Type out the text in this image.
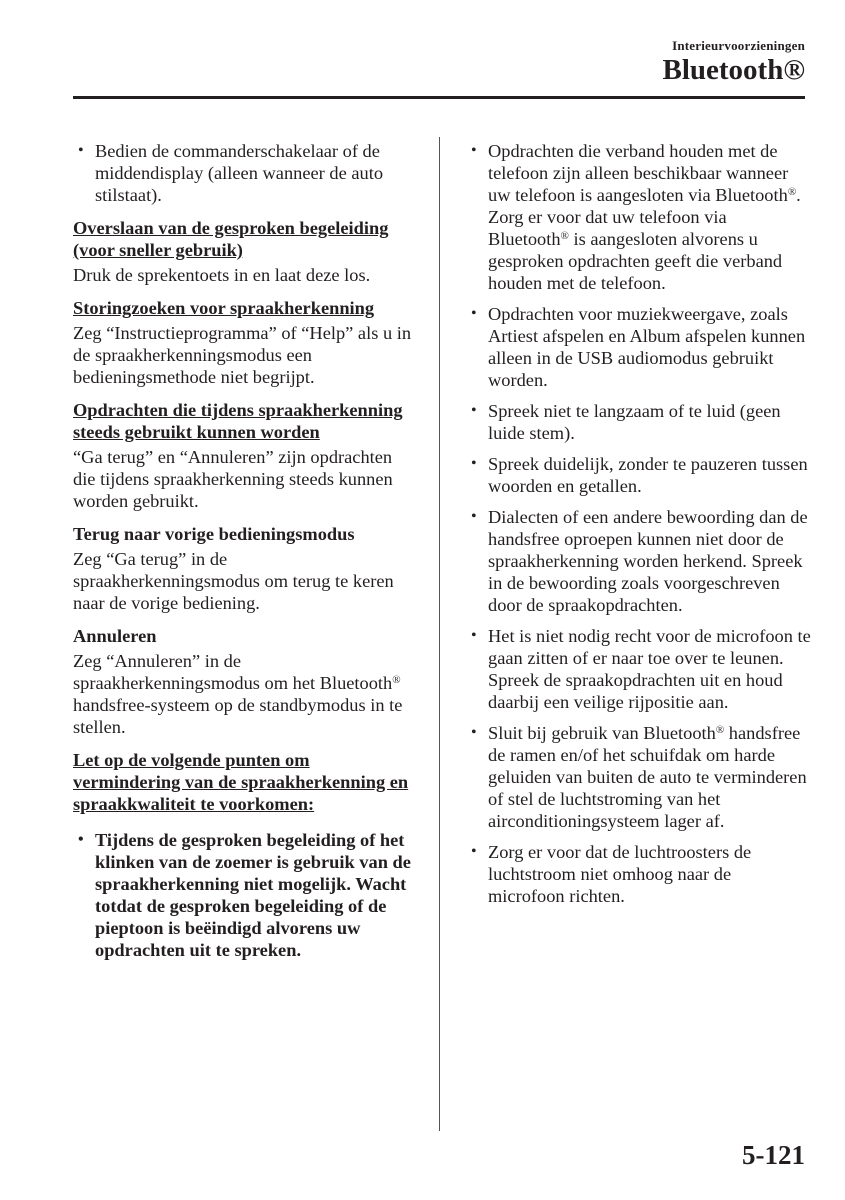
Interieurvoorzieningen
Bluetooth®
• Bedien de commanderschakelaar of de middendisplay (alleen wanneer de auto stilstaat).
Overslaan van de gesproken begeleiding (voor sneller gebruik)
Druk de sprekentoets in en laat deze los.
Storingzoeken voor spraakherkenning
Zeg “Instructieprogramma” of “Help” als u in de spraakherkenningsmodus een bedieningsmethode niet begrijpt.
Opdrachten die tijdens spraakherkenning steeds gebruikt kunnen worden
“Ga terug” en “Annuleren” zijn opdrachten die tijdens spraakherkenning steeds kunnen worden gebruikt.
Terug naar vorige bedieningsmodus
Zeg “Ga terug” in de spraakherkenningsmodus om terug te keren naar de vorige bediening.
Annuleren
Zeg “Annuleren” in de spraakherkenningsmodus om het Bluetooth® handsfree-systeem op de standbymodus in te stellen.
Let op de volgende punten om vermindering van de spraakherkenning en spraakkwaliteit te voorkomen:
• Tijdens de gesproken begeleiding of het klinken van de zoemer is gebruik van de spraakherkenning niet mogelijk. Wacht totdat de gesproken begeleiding of de pieptoon is beëindigd alvorens uw opdrachten uit te spreken.
• Opdrachten die verband houden met de telefoon zijn alleen beschikbaar wanneer uw telefoon is aangesloten via Bluetooth®. Zorg er voor dat uw telefoon via Bluetooth® is aangesloten alvorens u gesproken opdrachten geeft die verband houden met de telefoon.
• Opdrachten voor muziekweergave, zoals Artiest afspelen en Album afspelen kunnen alleen in de USB audiomodus gebruikt worden.
• Spreek niet te langzaam of te luid (geen luide stem).
• Spreek duidelijk, zonder te pauzeren tussen woorden en getallen.
• Dialecten of een andere bewoording dan de handsfree oproepen kunnen niet door de spraakherkenning worden herkend. Spreek in de bewoording zoals voorgeschreven door de spraakopdrachten.
• Het is niet nodig recht voor de microfoon te gaan zitten of er naar toe over te leunen. Spreek de spraakopdrachten uit en houd daarbij een veilige rijpositie aan.
• Sluit bij gebruik van Bluetooth® handsfree de ramen en/of het schuifdak om harde geluiden van buiten de auto te verminderen of stel de luchtstroming van het airconditioningsysteem lager af.
• Zorg er voor dat de luchtroosters de luchtstroom niet omhoog naar de microfoon richten.
5-121
